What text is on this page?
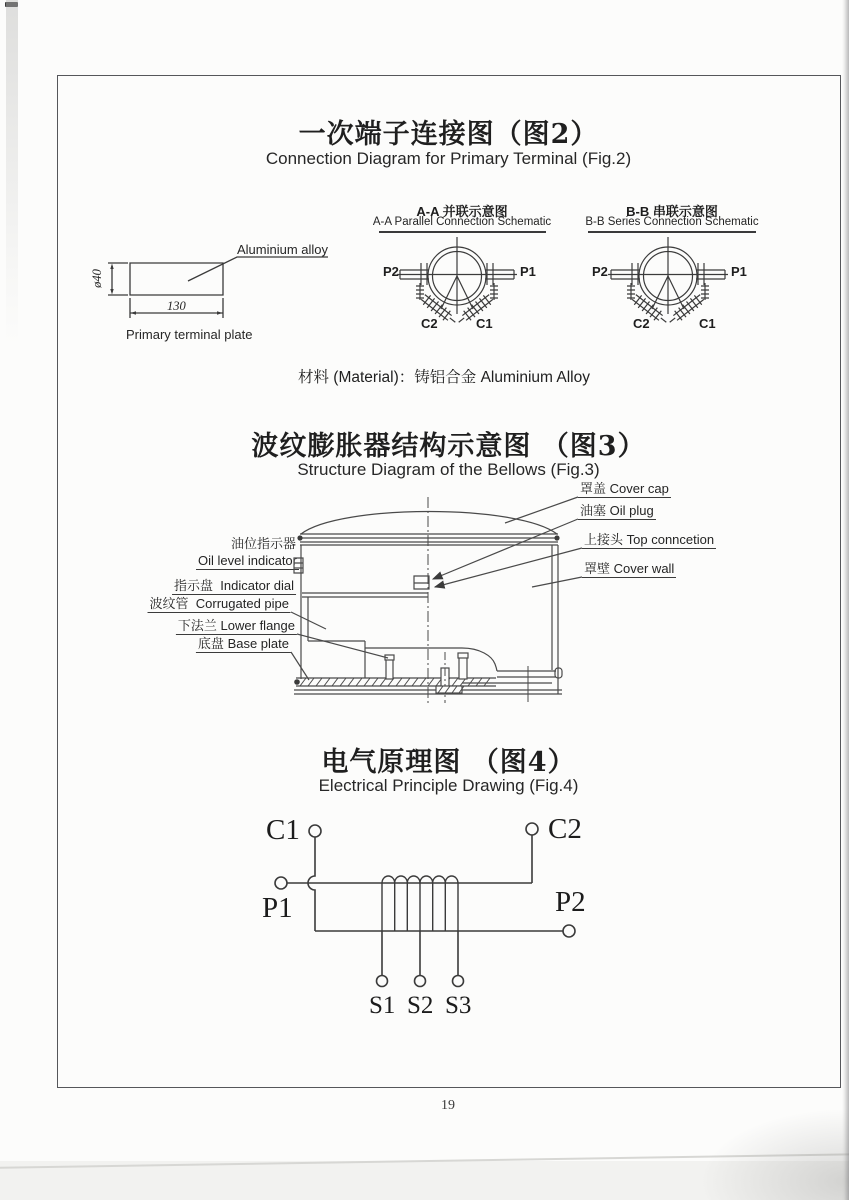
一次端子连接图（图2）
Connection Diagram for Primary Terminal (Fig.2)
A-A 并联示意图
A-A Parallel Connection Schematic
B-B 串联示意图
B-B Series Connection Schematic
Aluminium alloy
ø40
130
Primary terminal plate
P2	P1
C2	C1
P2	P1
C2	C1
材料 (Material)：铸铝合金 Aluminium Alloy
波纹膨胀器结构示意图 （图3）
Structure Diagram of the Bellows (Fig.3)
油位指示器
Oil level indicator
指示盘 Indicator dial
波纹管 Corrugated pipe
下法兰 Lower flange
底盘 Base plate
罩盖 Cover cap
油塞 Oil plug
上接头 Top conncetion
罩壁 Cover wall
电气原理图 （图4）
Electrical Principle Drawing (Fig.4)
C1	C2
P1	P2
S1 S2 S3
19
